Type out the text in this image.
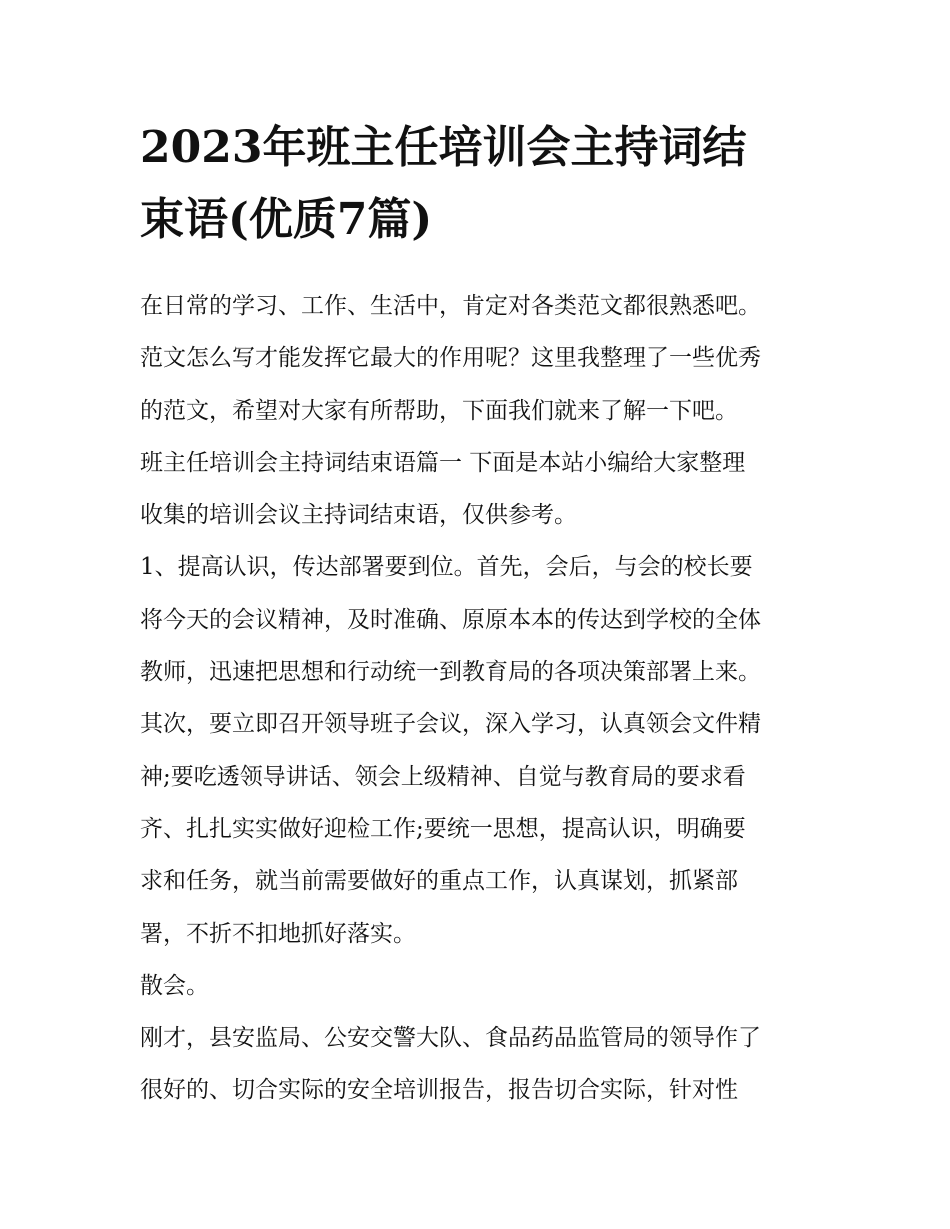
2023年班主任培训会主持词结
束语(优质7篇)
在日常的学习、工作、生活中，肯定对各类范文都很熟悉吧。
范文怎么写才能发挥它最大的作用呢？这里我整理了一些优秀
的范文，希望对大家有所帮助，下面我们就来了解一下吧。
班主任培训会主持词结束语篇一 下面是本站小编给大家整理
收集的培训会议主持词结束语，仅供参考。
1、提高认识，传达部署要到位。首先，会后，与会的校长要
将今天的会议精神，及时准确、原原本本的传达到学校的全体
教师，迅速把思想和行动统一到教育局的各项决策部署上来。
其次，要立即召开领导班子会议，深入学习，认真领会文件精
神;要吃透领导讲话、领会上级精神、自觉与教育局的要求看
齐、扎扎实实做好迎检工作;要统一思想，提高认识，明确要
求和任务，就当前需要做好的重点工作，认真谋划，抓紧部
署，不折不扣地抓好落实。
散会。
刚才，县安监局、公安交警大队、食品药品监管局的领导作了
很好的、切合实际的安全培训报告，报告切合实际，针对性
